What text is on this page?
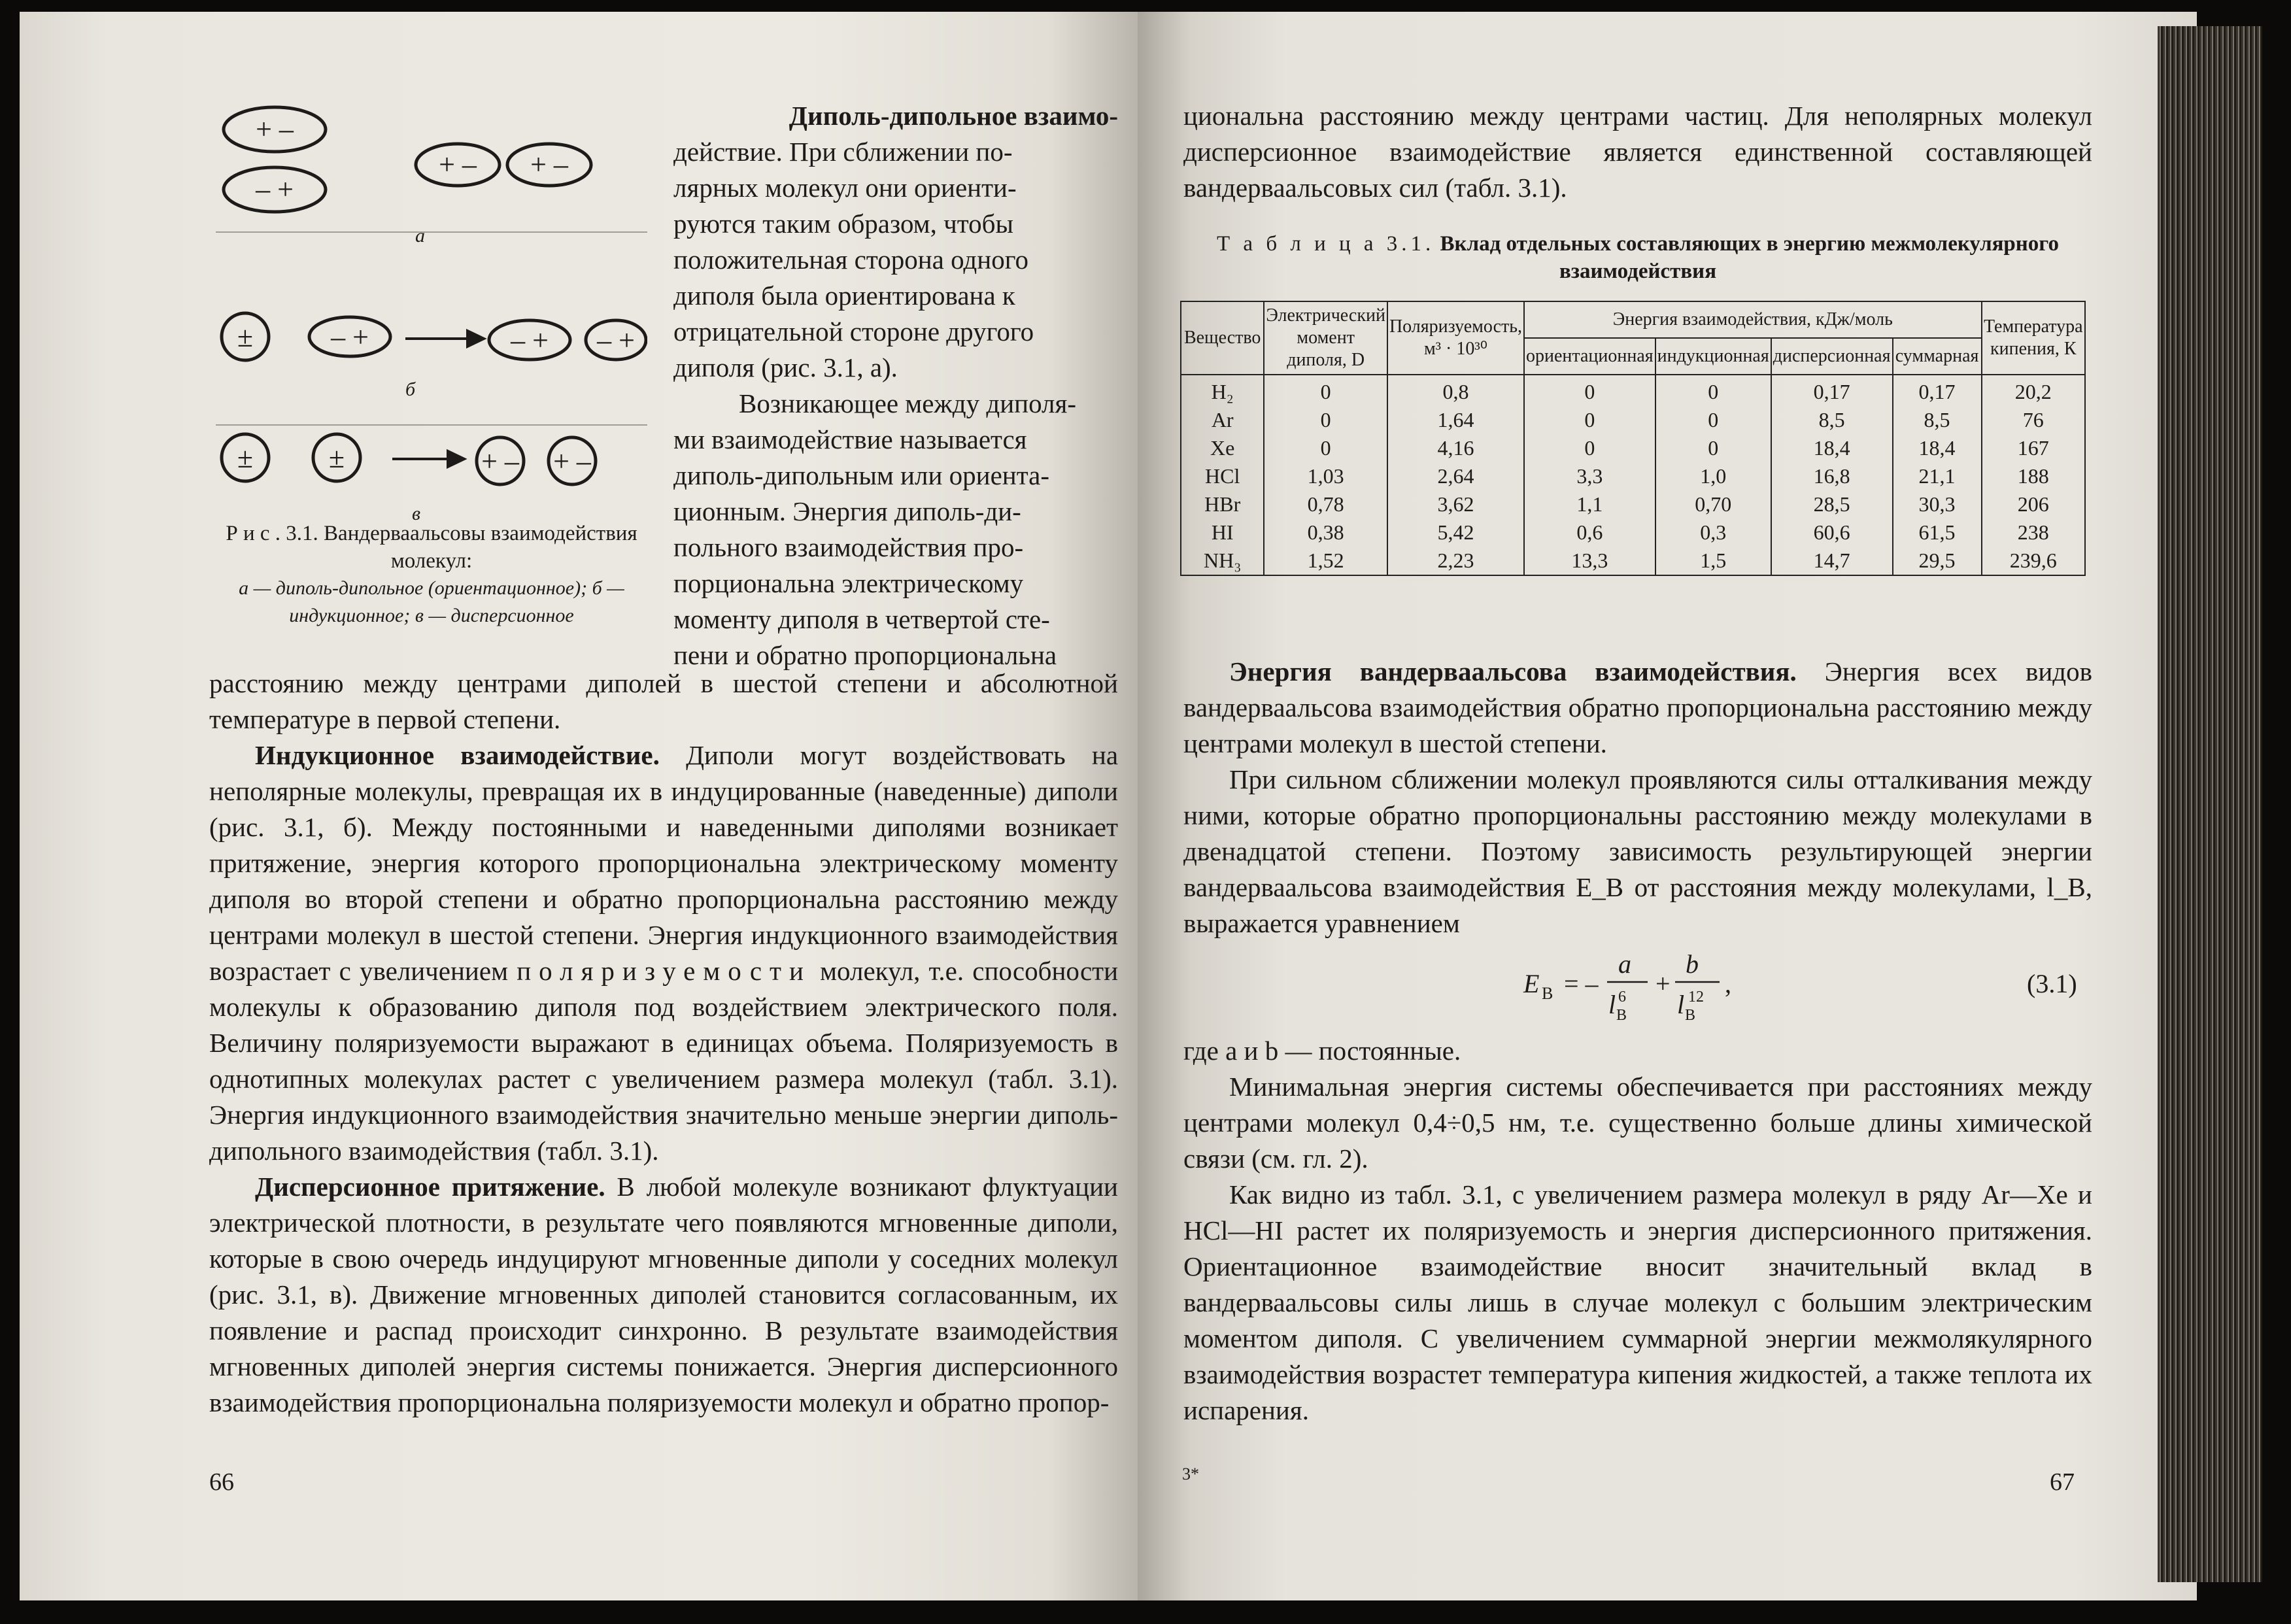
+ –
– +
+ – + –
±	– +	– + – +
±	±	+ – + –
а
б
в
Р и с . 3.1. Вандерваальсовы взаимодействия молекул:
а — диполь-дипольное (ориентационное); б — индукционное; в — дисперсионное
Диполь-дипольное взаимо-
действие. При сближении по-
лярных молекул они ориенти-
руются таким образом, чтобы
положительная сторона одного
диполя была ориентирована к
отрицательной стороне другого
диполя (рис. 3.1, а).
Возникающее между диполя-
ми взаимодействие называется
диполь-дипольным или ориента-
ционным. Энергия диполь-ди-
польного взаимодействия про-
порциональна электрическому
моменту диполя в четвертой сте-
пени и обратно пропорциональна

расстоянию между центрами диполей в шестой степени и абсолютной температуре в первой степени.

Индукционное взаимодействие. Диполи могут воздействовать на неполярные молекулы, превращая их в индуцированные (наведенные) диполи (рис. 3.1, б). Между постоянными и наведенными диполями возникает притяжение, энергия которого пропорциональна электрическому моменту диполя во второй степени и обратно пропорциональна расстоянию между центрами молекул в шестой степени. Энергия индукционного взаимодействия возрастает с увеличением поляризуемости молекул, т.е. способности молекулы к образованию диполя под воздействием электрического поля. Величину поляризуемости выражают в единицах объема. Поляризуемость в однотипных молекулах растет с увеличением размера молекул (табл. 3.1). Энергия индукционного взаимодействия значительно меньше энергии диполь-дипольного взаимодействия (табл. 3.1).

Дисперсионное притяжение. В любой молекуле возникают флуктуации электрической плотности, в результате чего появляются мгновенные диполи, которые в свою очередь индуцируют мгновенные диполи у соседних молекул (рис. 3.1, в). Движение мгновенных диполей становится согласованным, их появление и распад происходит синхронно. В результате взаимодействия мгновенных диполей энергия системы понижается. Энергия дисперсионного взаимодействия пропорциональна поляризуемости молекул и обратно пропор-

66

циональна расстоянию между центрами частиц. Для неполярных молекул дисперсионное взаимодействие является единственной составляющей вандерваальсовых сил (табл. 3.1).

Т а б л и ц а 3.1. Вклад отдельных составляющих в энергию межмолекулярного взаимодействия
Вещество	Электрический момент диполя, D	Поляризуемость, м³ · 10³⁰	Энергия взаимодействия, кДж/моль				Температура кипения, К
			ориентационная	индукционная	дисперсионная	суммарная	
H₂	0	0,8	0	0	0,17	0,17	20,2
Ar	0	1,64	0	0	8,5	8,5	76
Xe	0	4,16	0	0	18,4	18,4	167
HCl	1,03	2,64	3,3	1,0	16,8	21,1	188
HBr	0,78	3,62	1,1	0,70	28,5	30,3	206
HI	0,38	5,42	0,6	0,3	60,6	61,5	238
NH₃	1,52	2,23	13,3	1,5	14,7	29,5	239,6

Энергия вандерваальсова взаимодействия. Энергия всех видов вандерваальсова взаимодействия обратно пропорциональна расстоянию между центрами молекул в шестой степени.

При сильном сближении молекул проявляются силы отталкивания между ними, которые обратно пропорциональны расстоянию между молекулами в двенадцатой степени. Поэтому зависимость результирующей энергии вандерваальсова взаимодействия E_B от расстояния между молекулами, l_B, выражается уравнением

E B = –
a
l B
6 +
b
l B
12 ,	(3.1)

где a и b — постоянные.

Минимальная энергия системы обеспечивается при расстояниях между центрами молекул 0,4÷0,5 нм, т.е. существенно больше длины химической связи (см. гл. 2).

Как видно из табл. 3.1, с увеличением размера молекул в ряду Ar—Xe и HCl—HI растет их поляризуемость и энергия дисперсионного притяжения. Ориентационное взаимодействие вносит значительный вклад в вандерваальсовы силы лишь в случае молекул с большим электрическим моментом диполя. С увеличением суммарной энергии межмолякулярного взаимодействия возрастет температура кипения жидкостей, а также теплота их испарения.

3*	67
